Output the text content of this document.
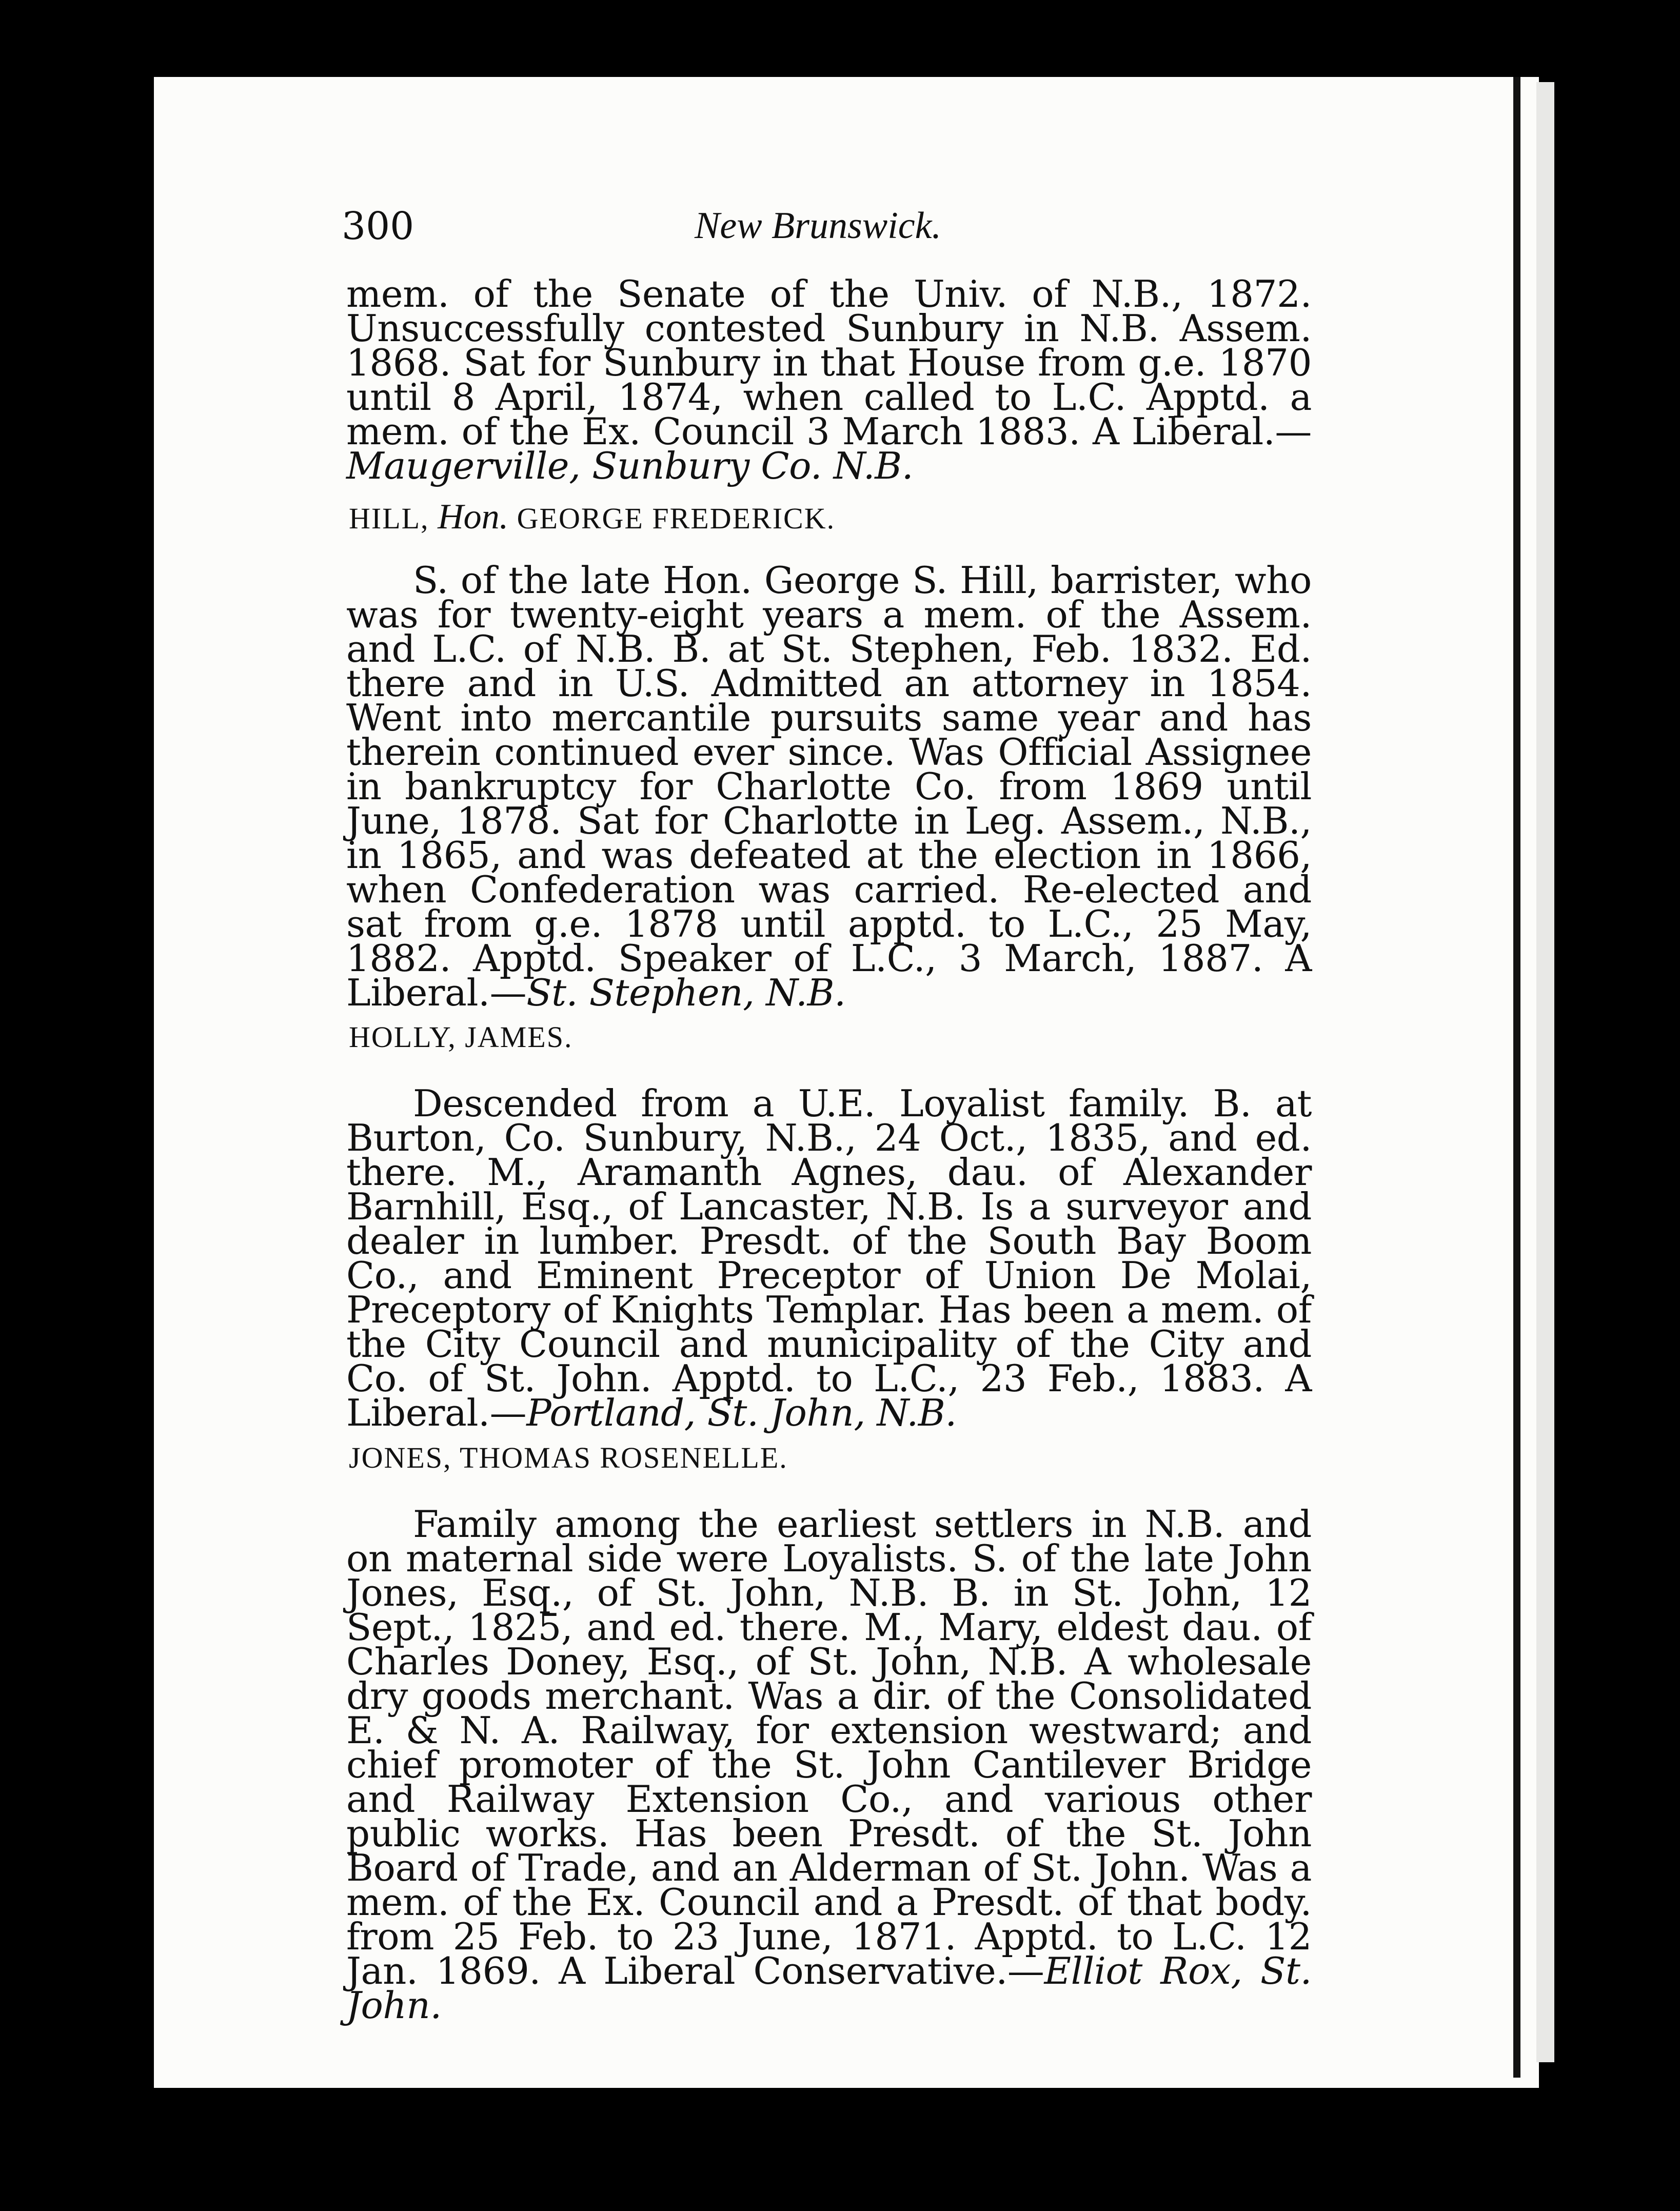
300	New Brunswick.
mem. of the Senate of the Univ. of N.B., 1872. Unsuccessfully contested Sunbury in N.B. Assem. 1868. Sat for Sunbury in that House from g.e. 1870 until 8 April, 1874, when called to L.C. Apptd. a mem. of the Ex. Council 3 March 1883. A Liberal.—Maugerville, Sunbury Co. N.B.
HILL, Hon. GEORGE FREDERICK.
S. of the late Hon. George S. Hill, barrister, who was for twenty-eight years a mem. of the Assem. and L.C. of N.B. B. at St. Stephen, Feb. 1832. Ed. there and in U.S. Admitted an attorney in 1854. Went into mercantile pursuits same year and has therein continued ever since. Was Official Assignee in bankruptcy for Charlotte Co. from 1869 until June, 1878. Sat for Charlotte in Leg. Assem., N.B., in 1865, and was defeated at the election in 1866, when Confederation was carried. Re-elected and sat from g.e. 1878 until apptd. to L.C., 25 May, 1882. Apptd. Speaker of L.C., 3 March, 1887. A Liberal.—St. Stephen, N.B.
HOLLY, JAMES.
Descended from a U.E. Loyalist family. B. at Burton, Co. Sunbury, N.B., 24 Oct., 1835, and ed. there. M., Aramanth Agnes, dau. of Alexander Barnhill, Esq., of Lancaster, N.B. Is a surveyor and dealer in lumber. Presdt. of the South Bay Boom Co., and Eminent Preceptor of Union De Molai, Preceptory of Knights Templar. Has been a mem. of the City Council and municipality of the City and Co. of St. John. Apptd. to L.C., 23 Feb., 1883. A Liberal.—Portland, St. John, N.B.
JONES, THOMAS ROSENELLE.
Family among the earliest settlers in N.B. and on maternal side were Loyalists. S. of the late John Jones, Esq., of St. John, N.B. B. in St. John, 12 Sept., 1825, and ed. there. M., Mary, eldest dau. of Charles Doney, Esq., of St. John, N.B. A wholesale dry goods merchant. Was a dir. of the Consolidated E. & N. A. Railway, for extension westward; and chief promoter of the St. John Cantilever Bridge and Railway Extension Co., and various other public works. Has been Presdt. of the St. John Board of Trade, and an Alderman of St. John. Was a mem. of the Ex. Council and a Presdt. of that body. from 25 Feb. to 23 June, 1871. Apptd. to L.C. 12 Jan. 1869. A Liberal Conservative.—Elliot Rox, St. John.
